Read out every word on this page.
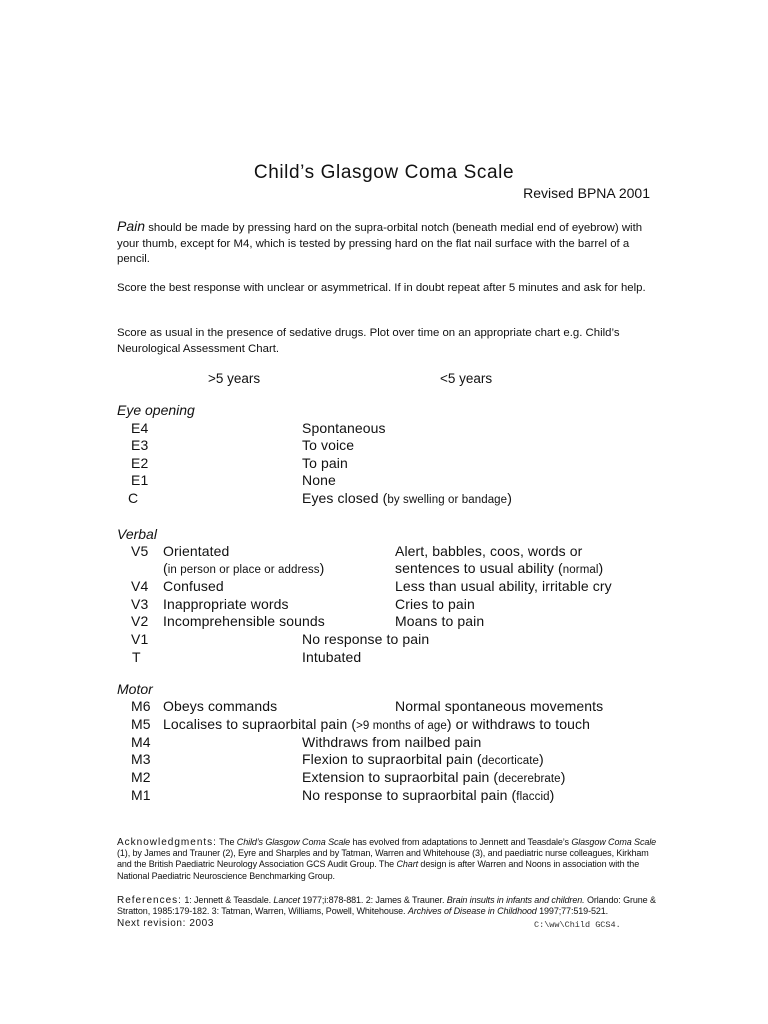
Child’s Glasgow Coma Scale
Revised BPNA 2001
Pain should be made by pressing hard on the supra-orbital notch (beneath medial end of eyebrow) with your thumb, except for M4, which is tested by pressing hard on the flat nail surface with the barrel of a pencil.
Score the best response with unclear or asymmetrical. If in doubt repeat after 5 minutes and ask for help.
Score as usual in the presence of sedative drugs. Plot over time on an appropriate chart e.g. Child’s Neurological Assessment Chart.
>5 years	<5 years
Eye opening
E4	Spontaneous
E3	To voice
E2	To pain
E1	None
C	Eyes closed (by swelling or bandage)
Verbal
V5 Orientated	Alert, babbles, coos, words or
(in person or place or address)	sentences to usual ability (normal)
V4 Confused	Less than usual ability, irritable cry
V3 Inappropriate words	Cries to pain
V2 Incomprehensible sounds	Moans to pain
V1	No response to pain
T	Intubated
Motor
M6 Obeys commands	Normal spontaneous movements
M5 Localises to supraorbital pain (>9 months of age) or withdraws to touch
M4	Withdraws from nailbed pain
M3	Flexion to supraorbital pain (decorticate)
M2	Extension to supraorbital pain (decerebrate)
M1	No response to supraorbital pain (flaccid)
Acknowledgments: The Child’s Glasgow Coma Scale has evolved from adaptations to Jennett and Teasdale’s Glasgow Coma Scale (1), by James and Trauner (2), Eyre and Sharples and by Tatman, Warren and Whitehouse (3), and paediatric nurse colleagues, Kirkham and the British Paediatric Neurology Association GCS Audit Group. The Chart design is after Warren and Noons in association with the National Paediatric Neuroscience Benchmarking Group.
References: 1: Jennett & Teasdale. Lancet 1977;i:878-881. 2: James & Trauner. Brain insults in infants and children. Orlando: Grune & Stratton, 1985:179-182. 3: Tatman, Warren, Williams, Powell, Whitehouse. Archives of Disease in Childhood 1997;77:519-521.
Next revision: 2003	C:\ww\Child GCS4.
